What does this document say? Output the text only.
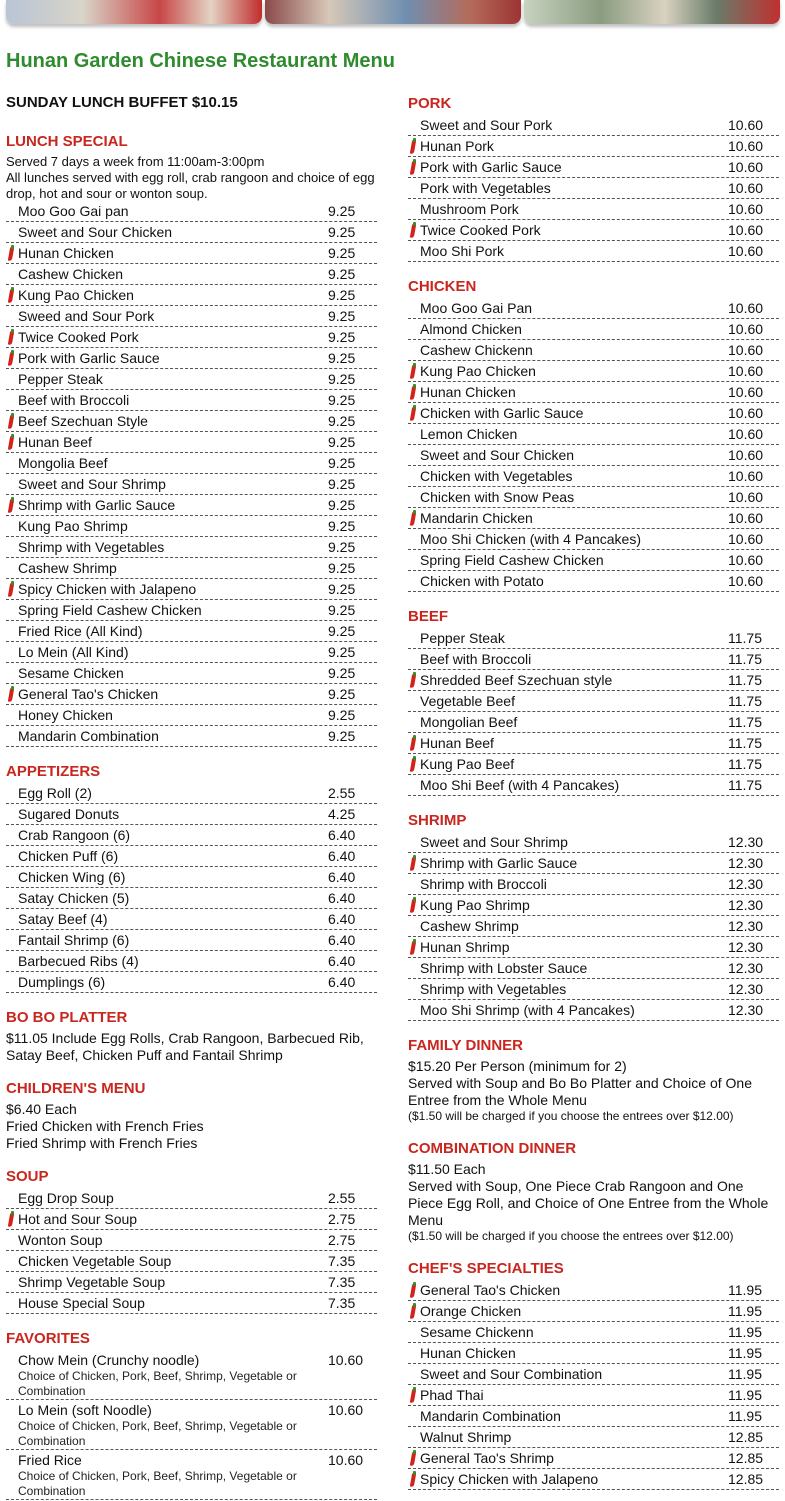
Hunan Garden Chinese Restaurant Menu
SUNDAY LUNCH BUFFET $10.15
LUNCH SPECIAL

Served 7 days a week from 11:00am-3:00pm

All lunches served with egg roll, crab rangoon and choice of egg drop, hot and sour or wonton soup.

Moo Goo Gai pan	9.25
Sweet and Sour Chicken	9.25
Hunan Chicken	9.25
Cashew Chicken	9.25
Kung Pao Chicken	9.25
Sweed and Sour Pork	9.25
Twice Cooked Pork	9.25
Pork with Garlic Sauce	9.25
Pepper Steak	9.25
Beef with Broccoli	9.25
Beef Szechuan Style	9.25
Hunan Beef	9.25
Mongolia Beef	9.25
Sweet and Sour Shrimp	9.25
Shrimp with Garlic Sauce	9.25
Kung Pao Shrimp	9.25
Shrimp with Vegetables	9.25
Cashew Shrimp	9.25
Spicy Chicken with Jalapeno	9.25
Spring Field Cashew Chicken	9.25
Fried Rice (All Kind)	9.25
Lo Mein (All Kind)	9.25
Sesame Chicken	9.25
General Tao's Chicken	9.25
Honey Chicken	9.25
Mandarin Combination	9.25
APPETIZERS
Egg Roll (2)	2.55
Sugared Donuts	4.25
Crab Rangoon (6)	6.40
Chicken Puff (6)	6.40
Chicken Wing (6)	6.40
Satay Chicken (5)	6.40
Satay Beef (4)	6.40
Fantail Shrimp (6)	6.40
Barbecued Ribs (4)	6.40
Dumplings (6)	6.40
BO BO PLATTER

$11.05 Include Egg Rolls, Crab Rangoon, Barbecued Rib, Satay Beef, Chicken Puff and Fantail Shrimp

CHILDREN'S MENU

$6.40 Each

Fried Chicken with French Fries

Fried Shrimp with French Fries

SOUP
Egg Drop Soup	2.55
Hot and Sour Soup	2.75
Wonton Soup	2.75
Chicken Vegetable Soup	7.35
Shrimp Vegetable Soup	7.35
House Special Soup	7.35
FAVORITES
Chow Mein (Crunchy noodle)
Choice of Chicken, Pork, Beef, Shrimp, Vegetable or Combination
10.60
Lo Mein (soft Noodle)
Choice of Chicken, Pork, Beef, Shrimp, Vegetable or Combination
10.60
Fried Rice
Choice of Chicken, Pork, Beef, Shrimp, Vegetable or Combination
10.60
PORK
Sweet and Sour Pork	10.60
Hunan Pork	10.60
Pork with Garlic Sauce	10.60
Pork with Vegetables	10.60
Mushroom Pork	10.60
Twice Cooked Pork	10.60
Moo Shi Pork	10.60
CHICKEN
Moo Goo Gai Pan	10.60
Almond Chicken	10.60
Cashew Chickenn	10.60
Kung Pao Chicken	10.60
Hunan Chicken	10.60
Chicken with Garlic Sauce	10.60
Lemon Chicken	10.60
Sweet and Sour Chicken	10.60
Chicken with Vegetables	10.60
Chicken with Snow Peas	10.60
Mandarin Chicken	10.60
Moo Shi Chicken (with 4 Pancakes)	10.60
Spring Field Cashew Chicken	10.60
Chicken with Potato	10.60
BEEF
Pepper Steak	11.75
Beef with Broccoli	11.75
Shredded Beef Szechuan style	11.75
Vegetable Beef	11.75
Mongolian Beef	11.75
Hunan Beef	11.75
Kung Pao Beef	11.75
Moo Shi Beef (with 4 Pancakes)	11.75
SHRIMP
Sweet and Sour Shrimp	12.30
Shrimp with Garlic Sauce	12.30
Shrimp with Broccoli	12.30
Kung Pao Shrimp	12.30
Cashew Shrimp	12.30
Hunan Shrimp	12.30
Shrimp with Lobster Sauce	12.30
Shrimp with Vegetables	12.30
Moo Shi Shrimp (with 4 Pancakes)	12.30
FAMILY DINNER

$15.20 Per Person (minimum for 2)

Served with Soup and Bo Bo Platter and Choice of One Entree from the Whole Menu

($1.50 will be charged if you choose the entrees over $12.00)

COMBINATION DINNER

$11.50 Each

Served with Soup, One Piece Crab Rangoon and One Piece Egg Roll, and Choice of One Entree from the Whole Menu

($1.50 will be charged if you choose the entrees over $12.00)

CHEF'S SPECIALTIES
General Tao's Chicken	11.95
Orange Chicken	11.95
Sesame Chickenn	11.95
Hunan Chicken	11.95
Sweet and Sour Combination	11.95
Phad Thai	11.95
Mandarin Combination	11.95
Walnut Shrimp	12.85
General Tao's Shrimp	12.85
Spicy Chicken with Jalapeno	12.85
